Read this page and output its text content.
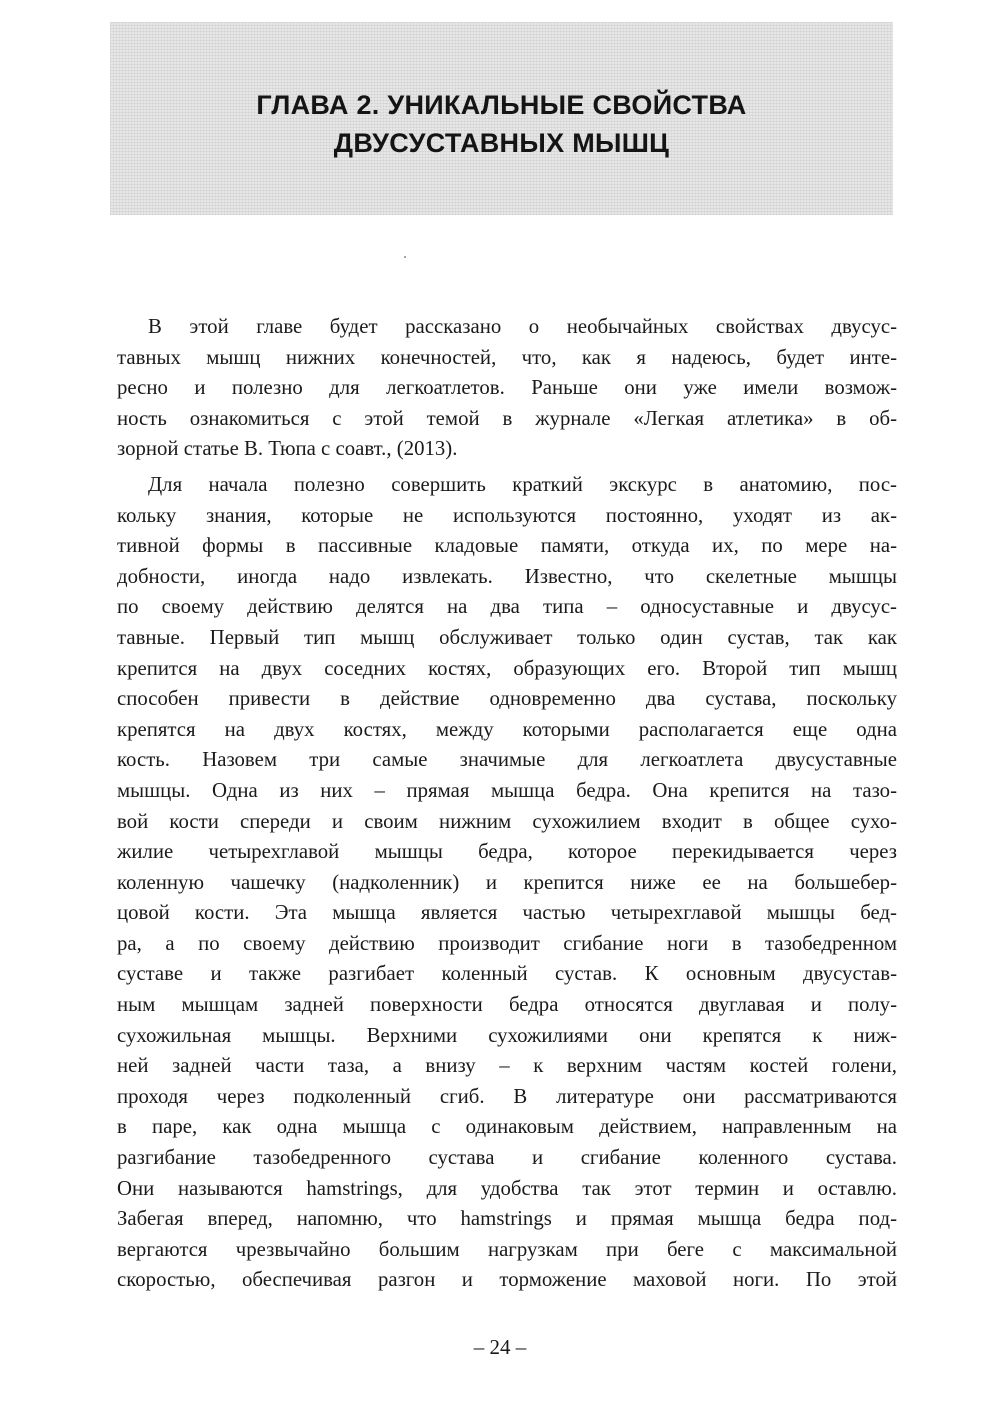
ГЛАВА 2. УНИКАЛЬНЫЕ СВОЙСТВА
ДВУСУСТАВНЫХ МЫШЦ
В этой главе будет рассказано о необычайных свойствах двусус-
тавных мышц нижних конечностей, что, как я надеюсь, будет инте-
ресно и полезно для легкоатлетов. Раньше они уже имели возмож-
ность ознакомиться с этой темой в журнале «Легкая атлетика» в об-
зорной статье В. Тюпа с соавт., (2013).
Для начала полезно совершить краткий экскурс в анатомию, пос-
кольку знания, которые не используются постоянно, уходят из ак-
тивной формы в пассивные кладовые памяти, откуда их, по мере на-
добности, иногда надо извлекать. Известно, что скелетные мышцы
по своему действию делятся на два типа – односуставные и двусус-
тавные. Первый тип мышц обслуживает только один сустав, так как
крепится на двух соседних костях, образующих его. Второй тип мышц
способен привести в действие одновременно два сустава, поскольку
крепятся на двух костях, между которыми располагается еще одна
кость. Назовем три самые значимые для легкоатлета двусуставные
мышцы. Одна из них – прямая мышца бедра. Она крепится на тазо-
вой кости спереди и своим нижним сухожилием входит в общее сухо-
жилие четырехглавой мышцы бедра, которое перекидывается через
коленную чашечку (надколенник) и крепится ниже ее на большебер-
цовой кости. Эта мышца является частью четырехглавой мышцы бед-
ра, а по своему действию производит сгибание ноги в тазобедренном
суставе и также разгибает коленный сустав. К основным двусустав-
ным мышцам задней поверхности бедра относятся двуглавая и полу-
сухожильная мышцы. Верхними сухожилиями они крепятся к ниж-
ней задней части таза, а внизу – к верхним частям костей голени,
проходя через подколенный сгиб. В литературе они рассматриваются
в паре, как одна мышца с одинаковым действием, направленным на
разгибание тазобедренного сустава и сгибание коленного сустава.
Они называются hamstrings, для удобства так этот термин и оставлю.
Забегая вперед, напомню, что hamstrings и прямая мышца бедра под-
вергаются чрезвычайно большим нагрузкам при беге с максимальной
скоростью, обеспечивая разгон и торможение маховой ноги. По этой

– 24 –
